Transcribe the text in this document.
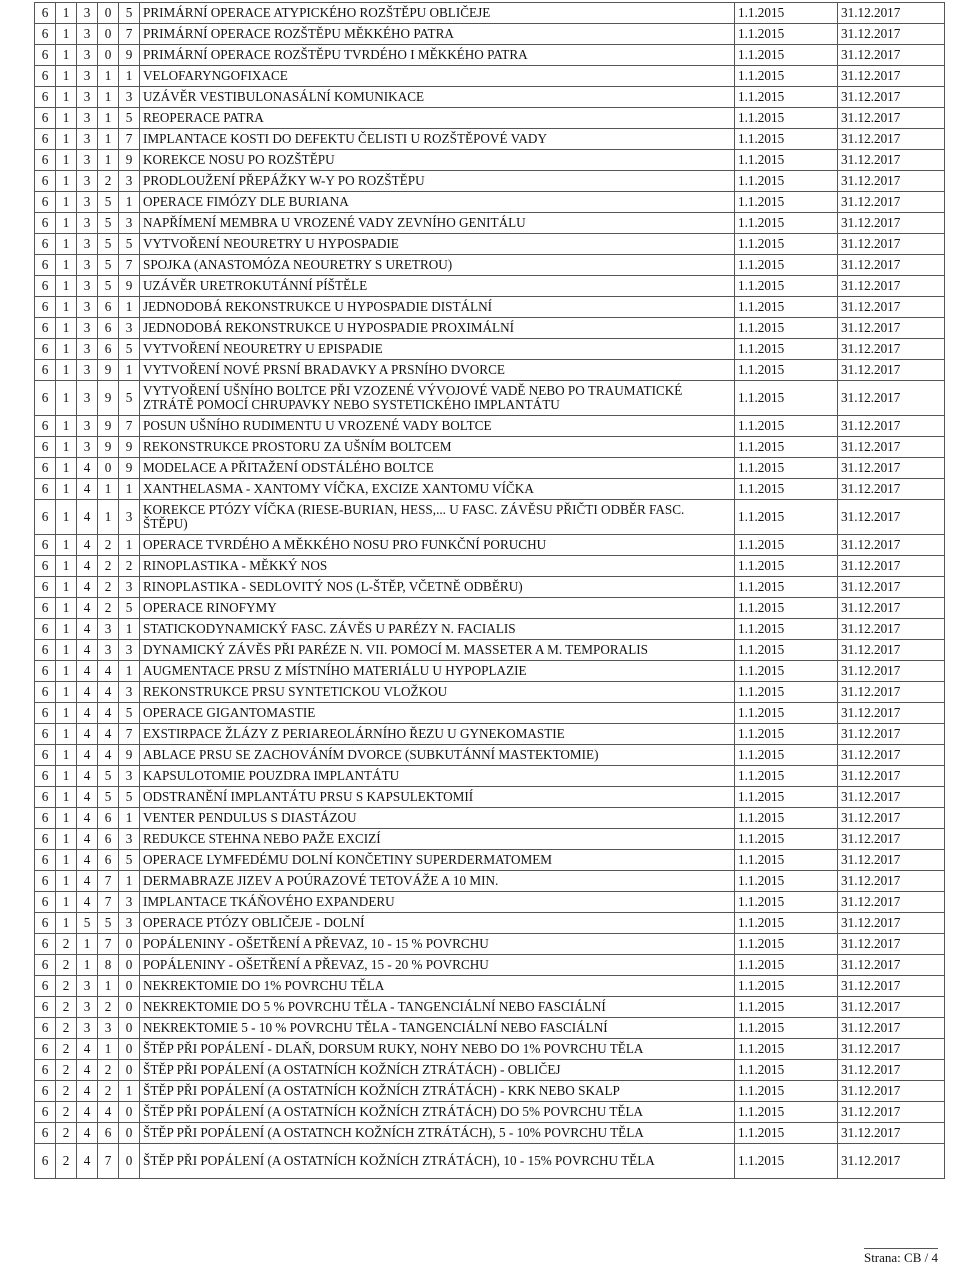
6	1	3	0	5	PRIMÁRNÍ OPERACE ATYPICKÉHO ROZŠTĚPU OBLIČEJE	1.1.2015	31.12.2017
6	1	3	0	7	PRIMÁRNÍ OPERACE ROZŠTĚPU MĚKKÉHO PATRA	1.1.2015	31.12.2017
6	1	3	0	9	PRIMÁRNÍ OPERACE ROZŠTĚPU TVRDÉHO I MĚKKÉHO PATRA	1.1.2015	31.12.2017
6	1	3	1	1	VELOFARYNGOFIXACE	1.1.2015	31.12.2017
6	1	3	1	3	UZÁVĚR VESTIBULONASÁLNÍ KOMUNIKACE	1.1.2015	31.12.2017
6	1	3	1	5	REOPERACE PATRA	1.1.2015	31.12.2017
6	1	3	1	7	IMPLANTACE KOSTI DO DEFEKTU ČELISTI U ROZŠTĚPOVÉ VADY	1.1.2015	31.12.2017
6	1	3	1	9	KOREKCE NOSU PO ROZŠTĚPU	1.1.2015	31.12.2017
6	1	3	2	3	PRODLOUŽENÍ PŘEPÁŽKY W-Y PO ROZŠTĚPU	1.1.2015	31.12.2017
6	1	3	5	1	OPERACE FIMÓZY DLE BURIANA	1.1.2015	31.12.2017
6	1	3	5	3	NAPŘÍMENÍ MEMBRA U VROZENÉ VADY ZEVNÍHO GENITÁLU	1.1.2015	31.12.2017
6	1	3	5	5	VYTVOŘENÍ NEOURETRY U HYPOSPADIE	1.1.2015	31.12.2017
6	1	3	5	7	SPOJKA (ANASTOMÓZA NEOURETRY S URETROU)	1.1.2015	31.12.2017
6	1	3	5	9	UZÁVĚR URETROKUTÁNNÍ PÍŠTĚLE	1.1.2015	31.12.2017
6	1	3	6	1	JEDNODOBÁ REKONSTRUKCE U HYPOSPADIE DISTÁLNÍ	1.1.2015	31.12.2017
6	1	3	6	3	JEDNODOBÁ REKONSTRUKCE U HYPOSPADIE PROXIMÁLNÍ	1.1.2015	31.12.2017
6	1	3	6	5	VYTVOŘENÍ NEOURETRY U EPISPADIE	1.1.2015	31.12.2017
6	1	3	9	1	VYTVOŘENÍ NOVÉ PRSNÍ BRADAVKY A PRSNÍHO DVORCE	1.1.2015	31.12.2017
6	1	3	9	5	VYTVOŘENÍ UŠNÍHO BOLTCE PŘI VZOZENÉ VÝVOJOVÉ VADĚ NEBO PO TRAUMATICKÉ ZTRÁTĚ POMOCÍ CHRUPAVKY NEBO SYSTETICKÉHO IMPLANTÁTU	1.1.2015	31.12.2017
6	1	3	9	7	POSUN UŠNÍHO RUDIMENTU U VROZENÉ VADY BOLTCE	1.1.2015	31.12.2017
6	1	3	9	9	REKONSTRUKCE PROSTORU ZA UŠNÍM BOLTCEM	1.1.2015	31.12.2017
6	1	4	0	9	MODELACE A PŘITAŽENÍ ODSTÁLÉHO BOLTCE	1.1.2015	31.12.2017
6	1	4	1	1	XANTHELASMA - XANTOMY VÍČKA, EXCIZE XANTOMU VÍČKA	1.1.2015	31.12.2017
6	1	4	1	3	KOREKCE PTÓZY VÍČKA (RIESE-BURIAN, HESS,... U FASC. ZÁVĚSU PŘIČTI ODBĚR FASC. ŠTĚPU)	1.1.2015	31.12.2017
6	1	4	2	1	OPERACE TVRDÉHO A MĚKKÉHO NOSU PRO FUNKČNÍ PORUCHU	1.1.2015	31.12.2017
6	1	4	2	2	RINOPLASTIKA - MĚKKÝ NOS	1.1.2015	31.12.2017
6	1	4	2	3	RINOPLASTIKA - SEDLOVITÝ NOS (L-ŠTĚP, VČETNĚ ODBĚRU)	1.1.2015	31.12.2017
6	1	4	2	5	OPERACE RINOFYMY	1.1.2015	31.12.2017
6	1	4	3	1	STATICKODYNAMICKÝ FASC. ZÁVĚS U PARÉZY N. FACIALIS	1.1.2015	31.12.2017
6	1	4	3	3	DYNAMICKÝ ZÁVĚS PŘI PARÉZE N. VII. POMOCÍ M. MASSETER A M. TEMPORALIS	1.1.2015	31.12.2017
6	1	4	4	1	AUGMENTACE PRSU Z MÍSTNÍHO MATERIÁLU U HYPOPLAZIE	1.1.2015	31.12.2017
6	1	4	4	3	REKONSTRUKCE PRSU SYNTETICKOU VLOŽKOU	1.1.2015	31.12.2017
6	1	4	4	5	OPERACE GIGANTOMASTIE	1.1.2015	31.12.2017
6	1	4	4	7	EXSTIRPACE ŽLÁZY Z PERIAREOLÁRNÍHO ŘEZU U GYNEKOMASTIE	1.1.2015	31.12.2017
6	1	4	4	9	ABLACE PRSU SE ZACHOVÁNÍM DVORCE (SUBKUTÁNNÍ MASTEKTOMIE)	1.1.2015	31.12.2017
6	1	4	5	3	KAPSULOTOMIE POUZDRA IMPLANTÁTU	1.1.2015	31.12.2017
6	1	4	5	5	ODSTRANĚNÍ IMPLANTÁTU PRSU S KAPSULEKTOMIÍ	1.1.2015	31.12.2017
6	1	4	6	1	VENTER PENDULUS S DIASTÁZOU	1.1.2015	31.12.2017
6	1	4	6	3	REDUKCE STEHNA NEBO PAŽE EXCIZÍ	1.1.2015	31.12.2017
6	1	4	6	5	OPERACE LYMFEDÉMU DOLNÍ KONČETINY SUPERDERMATOMEM	1.1.2015	31.12.2017
6	1	4	7	1	DERMABRAZE JIZEV A POÚRAZOVÉ TETOVÁŽE A 10 MIN.	1.1.2015	31.12.2017
6	1	4	7	3	IMPLANTACE TKÁŇOVÉHO EXPANDERU	1.1.2015	31.12.2017
6	1	5	5	3	OPERACE PTÓZY OBLIČEJE - DOLNÍ	1.1.2015	31.12.2017
6	2	1	7	0	POPÁLENINY - OŠETŘENÍ A PŘEVAZ, 10 - 15 % POVRCHU	1.1.2015	31.12.2017
6	2	1	8	0	POPÁLENINY - OŠETŘENÍ A PŘEVAZ, 15 - 20 % POVRCHU	1.1.2015	31.12.2017
6	2	3	1	0	NEKREKTOMIE DO 1% POVRCHU TĚLA	1.1.2015	31.12.2017
6	2	3	2	0	NEKREKTOMIE DO 5 % POVRCHU TĚLA - TANGENCIÁLNÍ NEBO FASCIÁLNÍ	1.1.2015	31.12.2017
6	2	3	3	0	NEKREKTOMIE 5 - 10 % POVRCHU TĚLA - TANGENCIÁLNÍ NEBO FASCIÁLNÍ	1.1.2015	31.12.2017
6	2	4	1	0	ŠTĚP PŘI POPÁLENÍ - DLAŇ, DORSUM RUKY, NOHY NEBO DO 1% POVRCHU TĚLA	1.1.2015	31.12.2017
6	2	4	2	0	ŠTĚP PŘI POPÁLENÍ (A OSTATNÍCH KOŽNÍCH ZTRÁTÁCH) - OBLIČEJ	1.1.2015	31.12.2017
6	2	4	2	1	ŠTĚP PŘI POPÁLENÍ (A OSTATNÍCH KOŽNÍCH ZTRÁTÁCH) - KRK NEBO SKALP	1.1.2015	31.12.2017
6	2	4	4	0	ŠTĚP PŘI POPÁLENÍ (A OSTATNÍCH KOŽNÍCH ZTRÁTÁCH) DO 5% POVRCHU TĚLA	1.1.2015	31.12.2017
6	2	4	6	0	ŠTĚP PŘI POPÁLENÍ (A OSTATNCH KOŽNÍCH ZTRÁTÁCH), 5 - 10% POVRCHU TĚLA	1.1.2015	31.12.2017
6	2	4	7	0	ŠTĚP PŘI POPÁLENÍ (A OSTATNÍCH KOŽNÍCH ZTRÁTÁCH), 10 - 15% POVRCHU TĚLA	1.1.2015	31.12.2017
Strana: CB / 4
